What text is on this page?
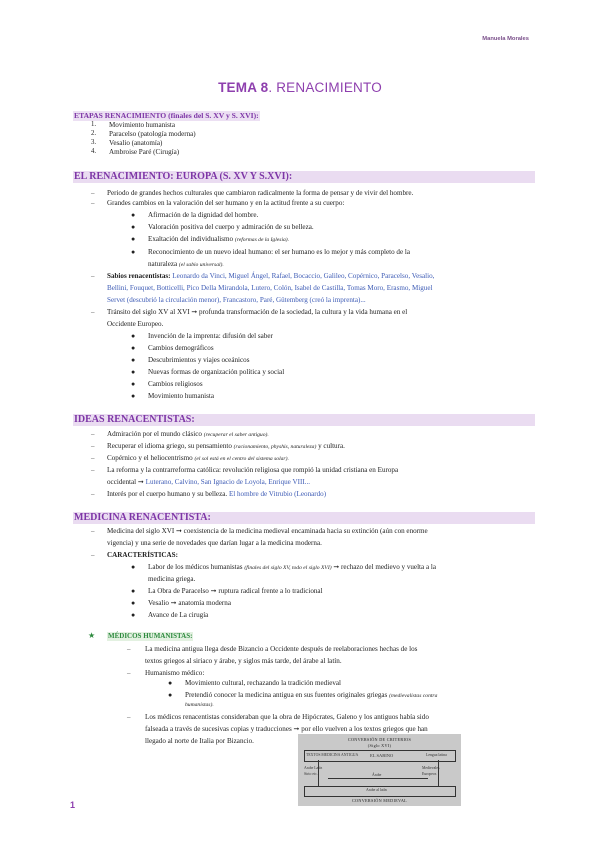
Manuela Morales
TEMA 8. RENACIMIENTO
ETAPAS RENACIMIENTO (finales del S. XV y S. XVI):
1. Movimiento humanista
2. Paracelso (patología moderna)
3. Vesalio (anatomía)
4. Ambroise Paré (Cirugía)
EL RENACIMIENTO: EUROPA (S. XV Y S.XVI):
– Periodo de grandes hechos culturales que cambiaron radicalmente la forma de pensar y de vivir del hombre.
– Grandes cambios en la valoración del ser humano y en la actitud frente a su cuerpo:
● Afirmación de la dignidad del hombre.
● Valoración positiva del cuerpo y admiración de su belleza.
● Exaltación del individualismo (reformas de la Iglesia).
● Reconocimiento de un nuevo ideal humano: el ser humano es lo mejor y más completo de la
naturaleza (el sabio universal).
– Sabios renacentistas: Leonardo da Vinci, Miguel Ángel, Rafael, Bocaccio, Galileo, Copérnico, Paracelso, Vesalio,
Bellini, Fouquet, Botticelli, Pico Della Mirandola, Lutero, Colón, Isabel de Castilla, Tomas Moro, Erasmo, Miguel
Servet (descubrió la circulación menor), Francastoro, Paré, Gütemberg (creó la imprenta)...
– Tránsito del siglo XV al XVI ➞ profunda transformación de la sociedad, la cultura y la vida humana en el
Occidente Europeo.
● Invención de la imprenta: difusión del saber
● Cambios demográficos
● Descubrimientos y viajes oceánicos
● Nuevas formas de organización política y social
● Cambios religiosos
● Movimiento humanista
IDEAS RENACENTISTAS:
– Admiración por el mundo clásico (recuperar el saber antiguo).
– Recuperar el idioma griego, su pensamiento (racionamiento, physhis, naturaleza) y cultura.
– Copérnico y el heliocentrismo (el sol está en el centro del sistema solar).
– La reforma y la contrarreforma católica: revolución religiosa que rompió la unidad cristiana en Europa
occidental ➞ Luterano, Calvino, San Ignacio de Loyola, Enrique VIII...
– Interés por el cuerpo humano y su belleza. El hombre de Vitrubio (Leonardo)
MEDICINA RENACENTISTA:
– Medicina del siglo XVI ➞ coexistencia de la medicina medieval encaminada hacia su extinción (aún con enorme
vigencia) y una serie de novedades que darían lugar a la medicina moderna.
– CARACTERÍSTICAS:
● Labor de los médicos humanistas (finales del siglo XV, todo el siglo XVI) ➞ rechazo del medievo y vuelta a la
medicina griega.
● La Obra de Paracelso ➞ ruptura radical frente a lo tradicional
● Vesalio ➞ anatomía moderna
● Avance de La cirugía
★ MÉDICOS HUMANISTAS:
– La medicina antigua llega desde Bizancio a Occidente después de reelaboraciones hechas de los
textos griegos al siriaco y árabe, y siglos más tarde, del árabe al latín.
– Humanismo médico:
● Movimiento cultural, rechazando la tradición medieval
● Pretendió conocer la medicina antigua en sus fuentes originales griegas (medievalistas contra
humanistas).
– Los médicos renacentistas consideraban que la obra de Hipócrates, Galeno y los antiguos había sido
falseada a través de sucesivas copias y traducciones ➞ por ello vuelven a los textos griegos que han
llegado al norte de Italia por Bizancio.	CONVERSIÓN DE CRITERIOS
(Siglo XVI)
TEXTOS MEDICINA ANTIGUA	EL SABINO	Lengua latina
Arabe Latín
Sirio etc.
Medievales
Europeos
Árabe
Arabe al latín
CONVERSIÓN MEDIEVAL
1
